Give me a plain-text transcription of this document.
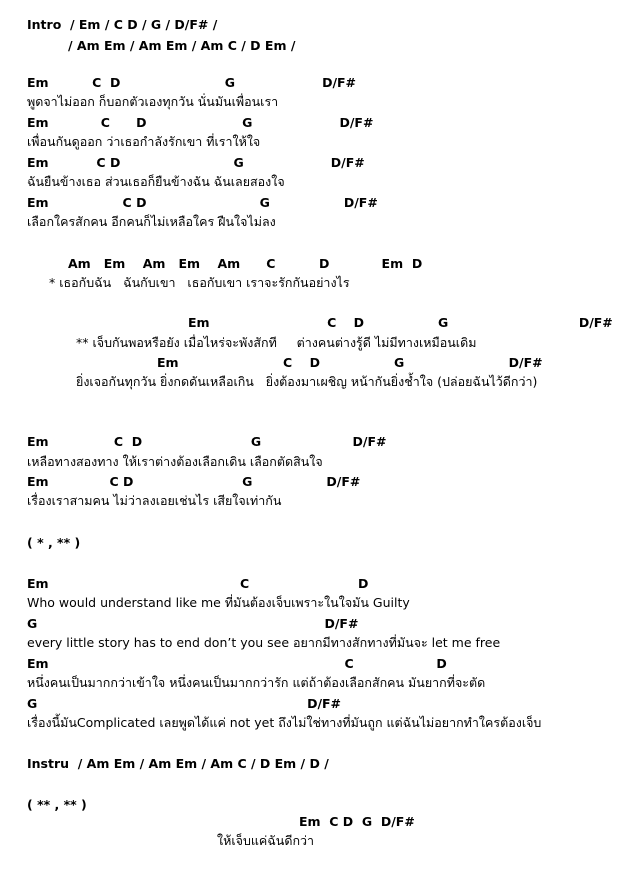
Intro  / Em / C D / G / D/F# /
/ Am Em / Am Em / Am C / D Em /
Em          C  D                        G                    D/F#
พูดจาไม่ออก ก็บอกตัวเองทุกวัน นั่นมันเพื่อนเรา
Em            C      D                      G                    D/F#
เพื่อนกันดูออก ว่าเธอกำลังรักเขา ที่เราให้ใจ
Em           C D                          G                    D/F#
ฉันยืนข้างเธอ ส่วนเธอก็ยืนข้างฉัน ฉันเลยสองใจ
Em                 C D                          G                 D/F#
เลือกใครสักคน อีกคนก็ไม่เหลือใคร ฝืนใจไม่ลง
Am   Em    Am   Em    Am      C          D            Em  D
* เธอกับฉัน   ฉันกับเขา   เธอกับเขา เราจะรักกันอย่างไร
Em                           C    D                 G                              D/F#
** เจ็บกันพอหรือยัง เมื่อไหร่จะพังสักที     ต่างคนต่างรู้ดี ไม่มีทางเหมือนเดิม
Em                        C    D                 G                        D/F#
ยิ่งเจอกันทุกวัน ยิ่งกดดันเหลือเกิน   ยิ่งต้องมาเผชิญ หน้ากันยิ่งช้ำใจ (ปล่อยฉันไว้ดีกว่า)
Em               C  D                         G                     D/F#
เหลือทางสองทาง ให้เราต่างต้องเลือกเดิน เลือกตัดสินใจ
Em              C D                         G                 D/F#
เรื่องเราสามคน ไม่ว่าลงเอยเช่นไร เสียใจเท่ากัน
( * , ** )
Em                                            C                         D
Who would understand like me ที่มันต้องเจ็บเพราะในใจมัน Guilty
G                                                                  D/F#
every little story has to end don’t you see อยากมีทางสักทางที่มันจะ let me free
Em                                                                    C                   D
หนึ่งคนเป็นมากกว่าเข้าใจ หนึ่งคนเป็นมากกว่ารัก แต่ถ้าต้องเลือกสักคน มันยากที่จะตัด
G                                                              D/F#
เรื่องนี้มันComplicated เลยพูดได้แค่ not yet ถึงไม่ใช่ทางที่มันถูก แต่ฉันไม่อยากทำใครต้องเจ็บ
Instru  / Am Em / Am Em / Am C / D Em / D /
( ** , ** )
Em  C D  G  D/F#
ให้เจ็บแค่ฉันดีกว่า
